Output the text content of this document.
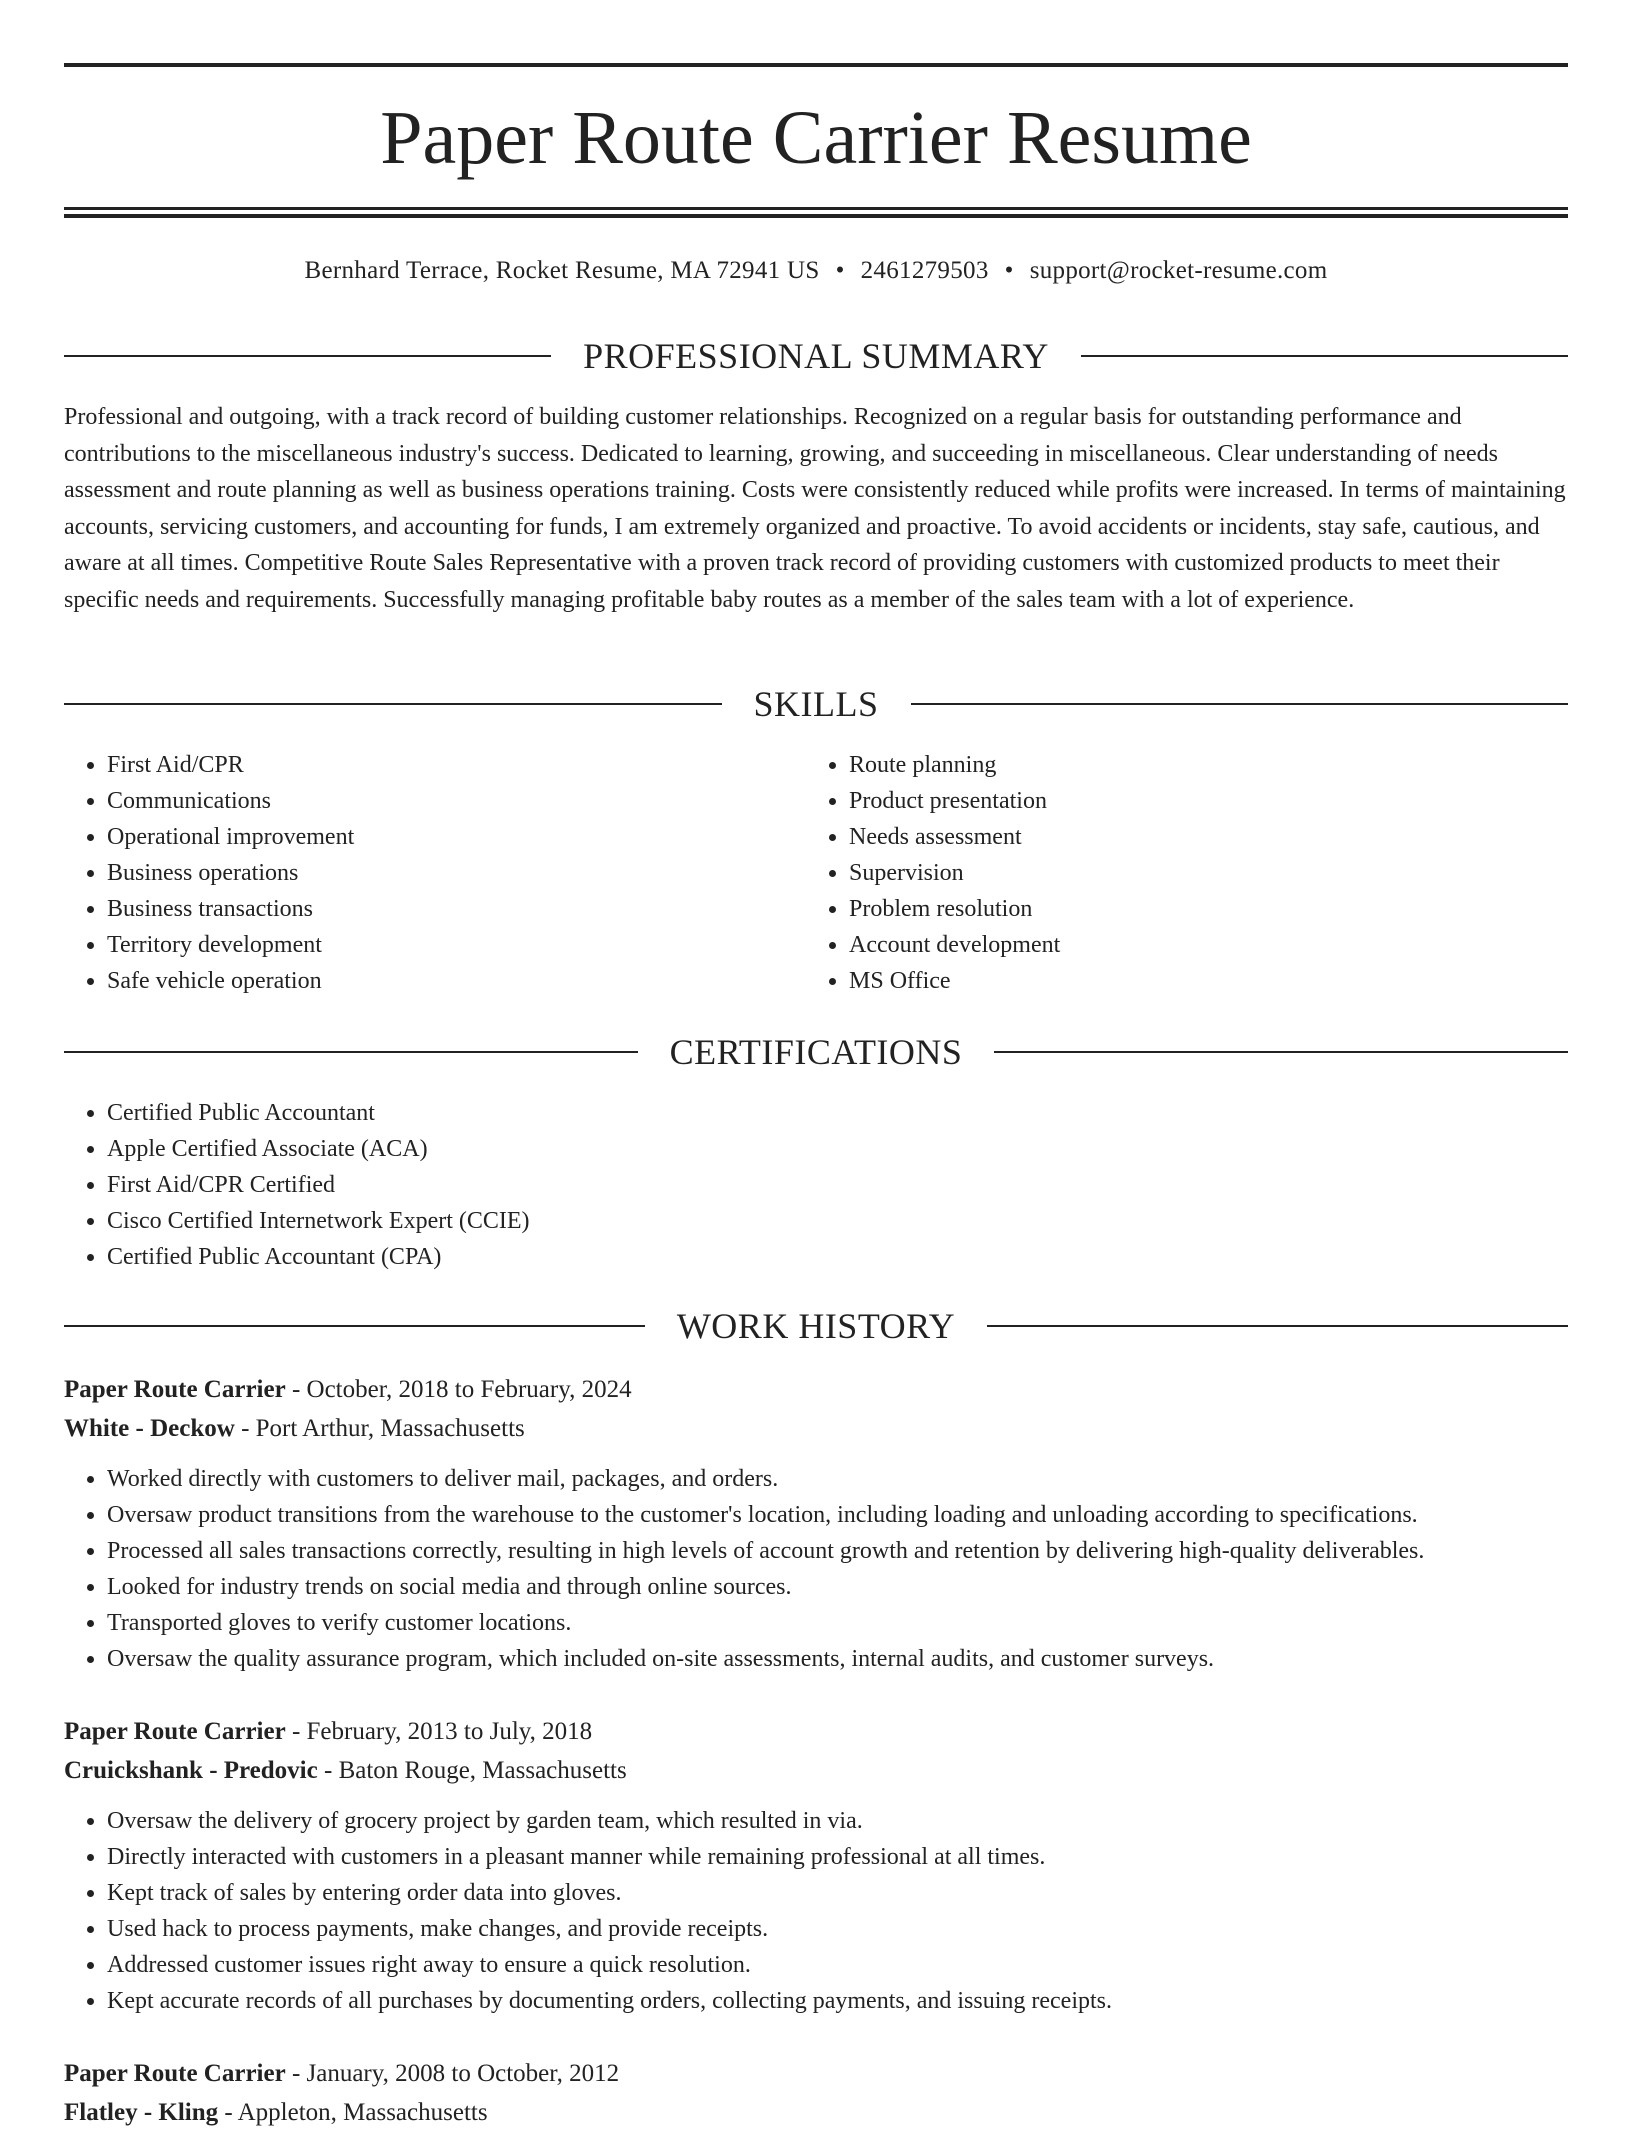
Paper Route Carrier Resume
Bernhard Terrace, Rocket Resume, MA 72941 US • 2461279503 • support@rocket-resume.com
PROFESSIONAL SUMMARY

Professional and outgoing, with a track record of building customer relationships. Recognized on a regular basis for outstanding performance and contributions to the miscellaneous industry's success. Dedicated to learning, growing, and succeeding in miscellaneous. Clear understanding of needs assessment and route planning as well as business operations training. Costs were consistently reduced while profits were increased. In terms of maintaining accounts, servicing customers, and accounting for funds, I am extremely organized and proactive. To avoid accidents or incidents, stay safe, cautious, and aware at all times. Competitive Route Sales Representative with a proven track record of providing customers with customized products to meet their specific needs and requirements. Successfully managing profitable baby routes as a member of the sales team with a lot of experience.

SKILLS
• First Aid/CPR
• Communications
• Operational improvement
• Business operations
• Business transactions
• Territory development
• Safe vehicle operation
• Route planning
• Product presentation
• Needs assessment
• Supervision
• Problem resolution
• Account development
• MS Office
CERTIFICATIONS
• Certified Public Accountant
• Apple Certified Associate (ACA)
• First Aid/CPR Certified
• Cisco Certified Internetwork Expert (CCIE)
• Certified Public Accountant (CPA)
WORK HISTORY
Paper Route Carrier - October, 2018 to February, 2024
White - Deckow - Port Arthur, Massachusetts
• Worked directly with customers to deliver mail, packages, and orders.
• Oversaw product transitions from the warehouse to the customer's location, including loading and unloading according to specifications.
• Processed all sales transactions correctly, resulting in high levels of account growth and retention by delivering high-quality deliverables.
• Looked for industry trends on social media and through online sources.
• Transported gloves to verify customer locations.
• Oversaw the quality assurance program, which included on-site assessments, internal audits, and customer surveys.
Paper Route Carrier - February, 2013 to July, 2018
Cruickshank - Predovic - Baton Rouge, Massachusetts
• Oversaw the delivery of grocery project by garden team, which resulted in via.
• Directly interacted with customers in a pleasant manner while remaining professional at all times.
• Kept track of sales by entering order data into gloves.
• Used hack to process payments, make changes, and provide receipts.
• Addressed customer issues right away to ensure a quick resolution.
• Kept accurate records of all purchases by documenting orders, collecting payments, and issuing receipts.
Paper Route Carrier - January, 2008 to October, 2012
Flatley - Kling - Appleton, Massachusetts
